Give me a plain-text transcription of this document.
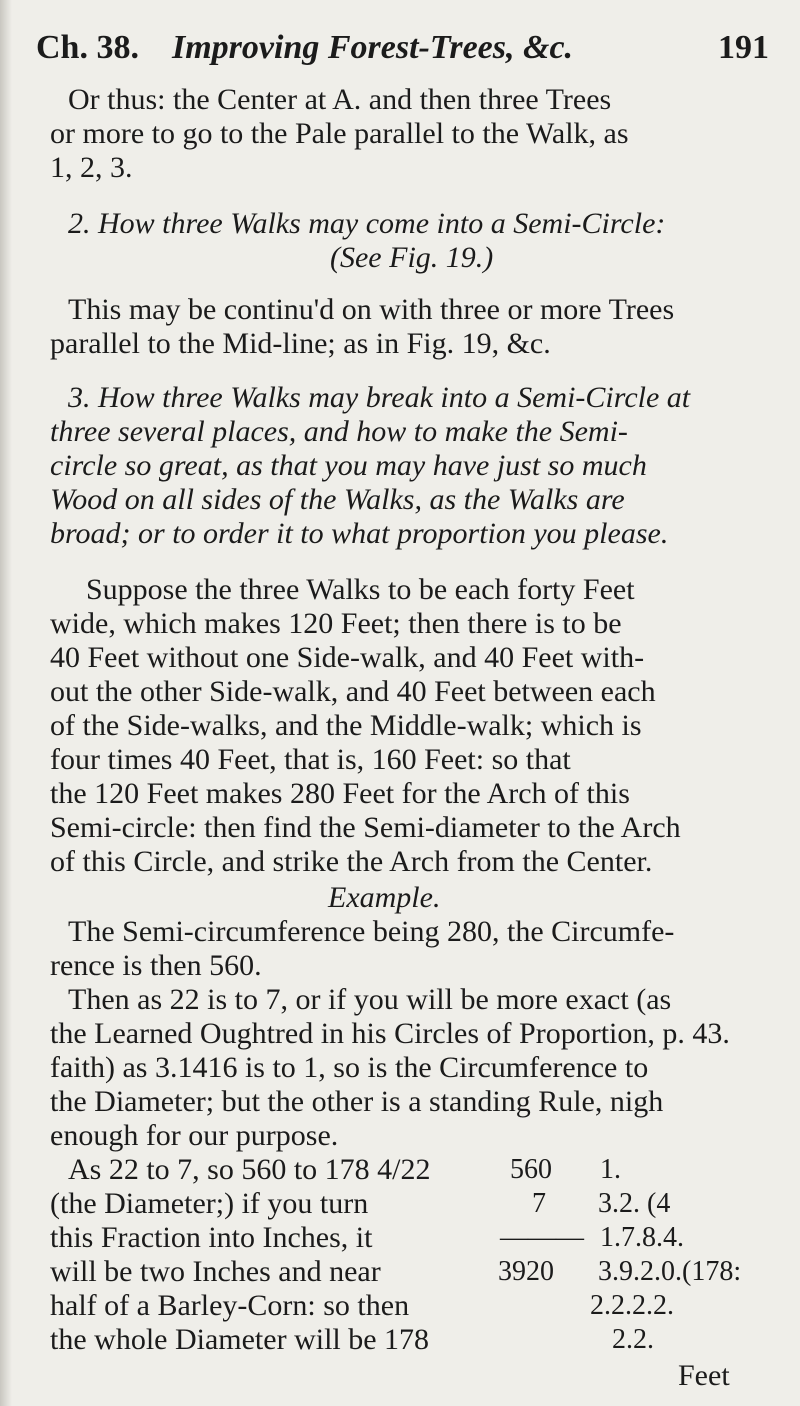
Ch. 38. Improving Forest-Trees, &c.	191
Or thus: the Center at A. and then three Trees
or more to go to the Pale parallel to the Walk, as
1, 2, 3.
2. How three Walks may come into a Semi-Circle:
(See Fig. 19.)
This may be continu'd on with three or more Trees
parallel to the Mid-line; as in Fig. 19, &c.
3. How three Walks may break into a Semi-Circle at
three several places, and how to make the Semi-
circle so great, as that you may have just so much
Wood on all sides of the Walks, as the Walks are
broad; or to order it to what proportion you please.
Suppose the three Walks to be each forty Feet
wide, which makes 120 Feet; then there is to be
40 Feet without one Side-walk, and 40 Feet with-
out the other Side-walk, and 40 Feet between each
of the Side-walks, and the Middle-walk; which is
four times 40 Feet, that is, 160 Feet: so that
the 120 Feet makes 280 Feet for the Arch of this
Semi-circle: then find the Semi-diameter to the Arch
of this Circle, and strike the Arch from the Center.
Example.
The Semi-circumference being 280, the Circumfe-
rence is then 560.
Then as 22 is to 7, or if you will be more exact (as
the Learned Oughtred in his Circles of Proportion, p. 43.
faith) as 3.1416 is to 1, so is the Circumference to
the Diameter; but the other is a standing Rule, nigh
enough for our purpose.
As 22 to 7, so 560 to 178 4/22
(the Diameter;) if you turn
this Fraction into Inches, it
will be two Inches and near
half of a Barley-Corn: so then
the whole Diameter will be 178
560
7
———
3920
1.
3.2. (4
1.7.8.4.
3.9.2.0.(178:
2.2.2.2.
2.2.
Feet
